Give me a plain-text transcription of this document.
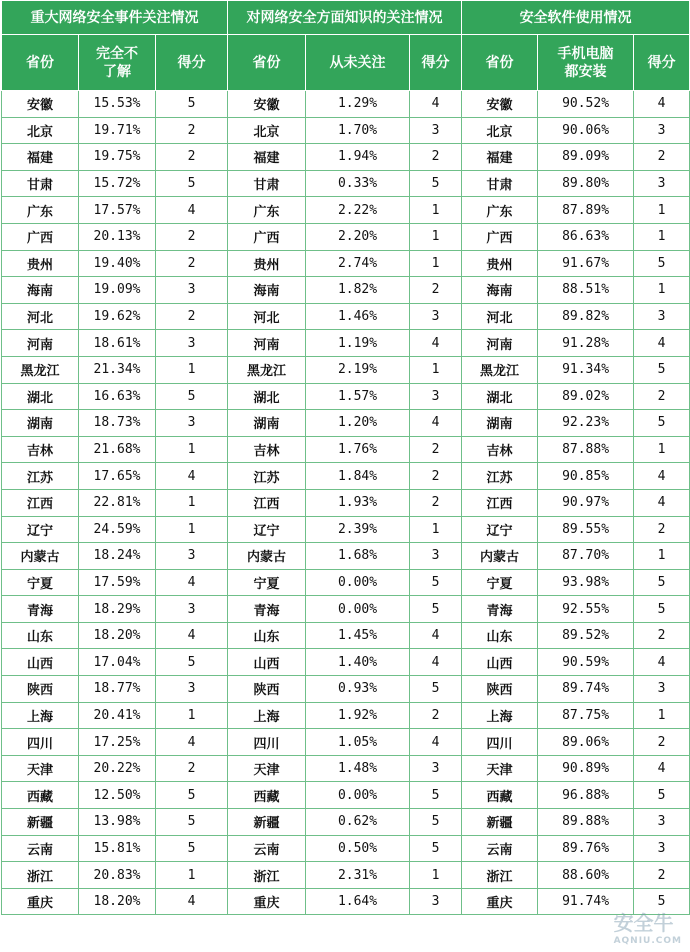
重大网络安全事件关注情况			对网络安全方面知识的关注情况			安全软件使用情况		
省份	完全不了解	得分	省份	从未关注	得分	省份	手机电脑都安装	得分
安徽	15.53%	5	安徽	1.29%	4	安徽	90.52%	4
北京	19.71%	2	北京	1.70%	3	北京	90.06%	3
福建	19.75%	2	福建	1.94%	2	福建	89.09%	2
甘肃	15.72%	5	甘肃	0.33%	5	甘肃	89.80%	3
广东	17.57%	4	广东	2.22%	1	广东	87.89%	1
广西	20.13%	2	广西	2.20%	1	广西	86.63%	1
贵州	19.40%	2	贵州	2.74%	1	贵州	91.67%	5
海南	19.09%	3	海南	1.82%	2	海南	88.51%	1
河北	19.62%	2	河北	1.46%	3	河北	89.82%	3
河南	18.61%	3	河南	1.19%	4	河南	91.28%	4
黑龙江	21.34%	1	黑龙江	2.19%	1	黑龙江	91.34%	5
湖北	16.63%	5	湖北	1.57%	3	湖北	89.02%	2
湖南	18.73%	3	湖南	1.20%	4	湖南	92.23%	5
吉林	21.68%	1	吉林	1.76%	2	吉林	87.88%	1
江苏	17.65%	4	江苏	1.84%	2	江苏	90.85%	4
江西	22.81%	1	江西	1.93%	2	江西	90.97%	4
辽宁	24.59%	1	辽宁	2.39%	1	辽宁	89.55%	2
内蒙古	18.24%	3	内蒙古	1.68%	3	内蒙古	87.70%	1
宁夏	17.59%	4	宁夏	0.00%	5	宁夏	93.98%	5
青海	18.29%	3	青海	0.00%	5	青海	92.55%	5
山东	18.20%	4	山东	1.45%	4	山东	89.52%	2
山西	17.04%	5	山西	1.40%	4	山西	90.59%	4
陕西	18.77%	3	陕西	0.93%	5	陕西	89.74%	3
上海	20.41%	1	上海	1.92%	2	上海	87.75%	1
四川	17.25%	4	四川	1.05%	4	四川	89.06%	2
天津	20.22%	2	天津	1.48%	3	天津	90.89%	4
西藏	12.50%	5	西藏	0.00%	5	西藏	96.88%	5
新疆	13.98%	5	新疆	0.62%	5	新疆	89.88%	3
云南	15.81%	5	云南	0.50%	5	云南	89.76%	3
浙江	20.83%	1	浙江	2.31%	1	浙江	88.60%	2
重庆	18.20%	4	重庆	1.64%	3	重庆	91.74%	5
安全牛
AQNIU.COM
